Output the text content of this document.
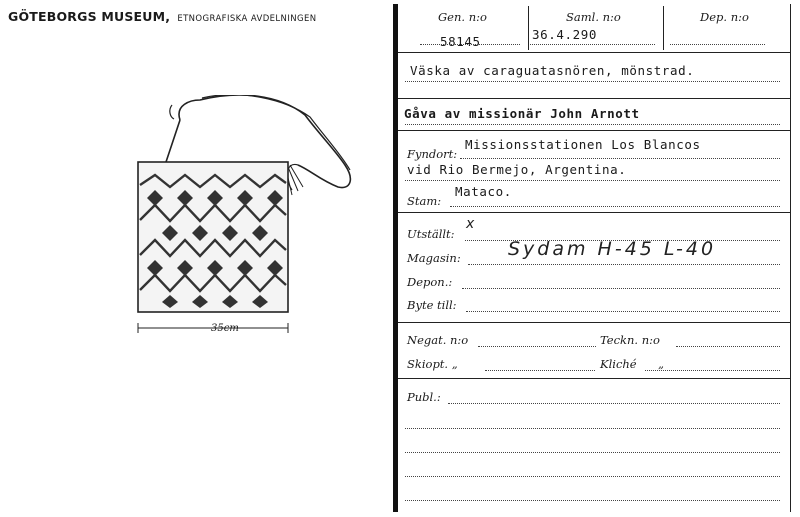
GÖTEBORGS MUSEUM, ETNOGRAFISKA AVDELNINGEN
35cm
Gen. n:o	Saml. n:o	Dep. n:o
58145	36.4.290
Väska av caraguatasnören, mönstrad.
Gåva av missionär John Arnott
Fyndort:
Missionsstationen Los Blancos
vid Rio Bermejo, Argentina.
Stam:
Mataco.
Utställt:
x
Magasin: Sydam H-45 L-40
Depon.:
Byte till:
Negat. n:o	Teckn. n:o
Skiopt. „	Kliché „
Publ.:
